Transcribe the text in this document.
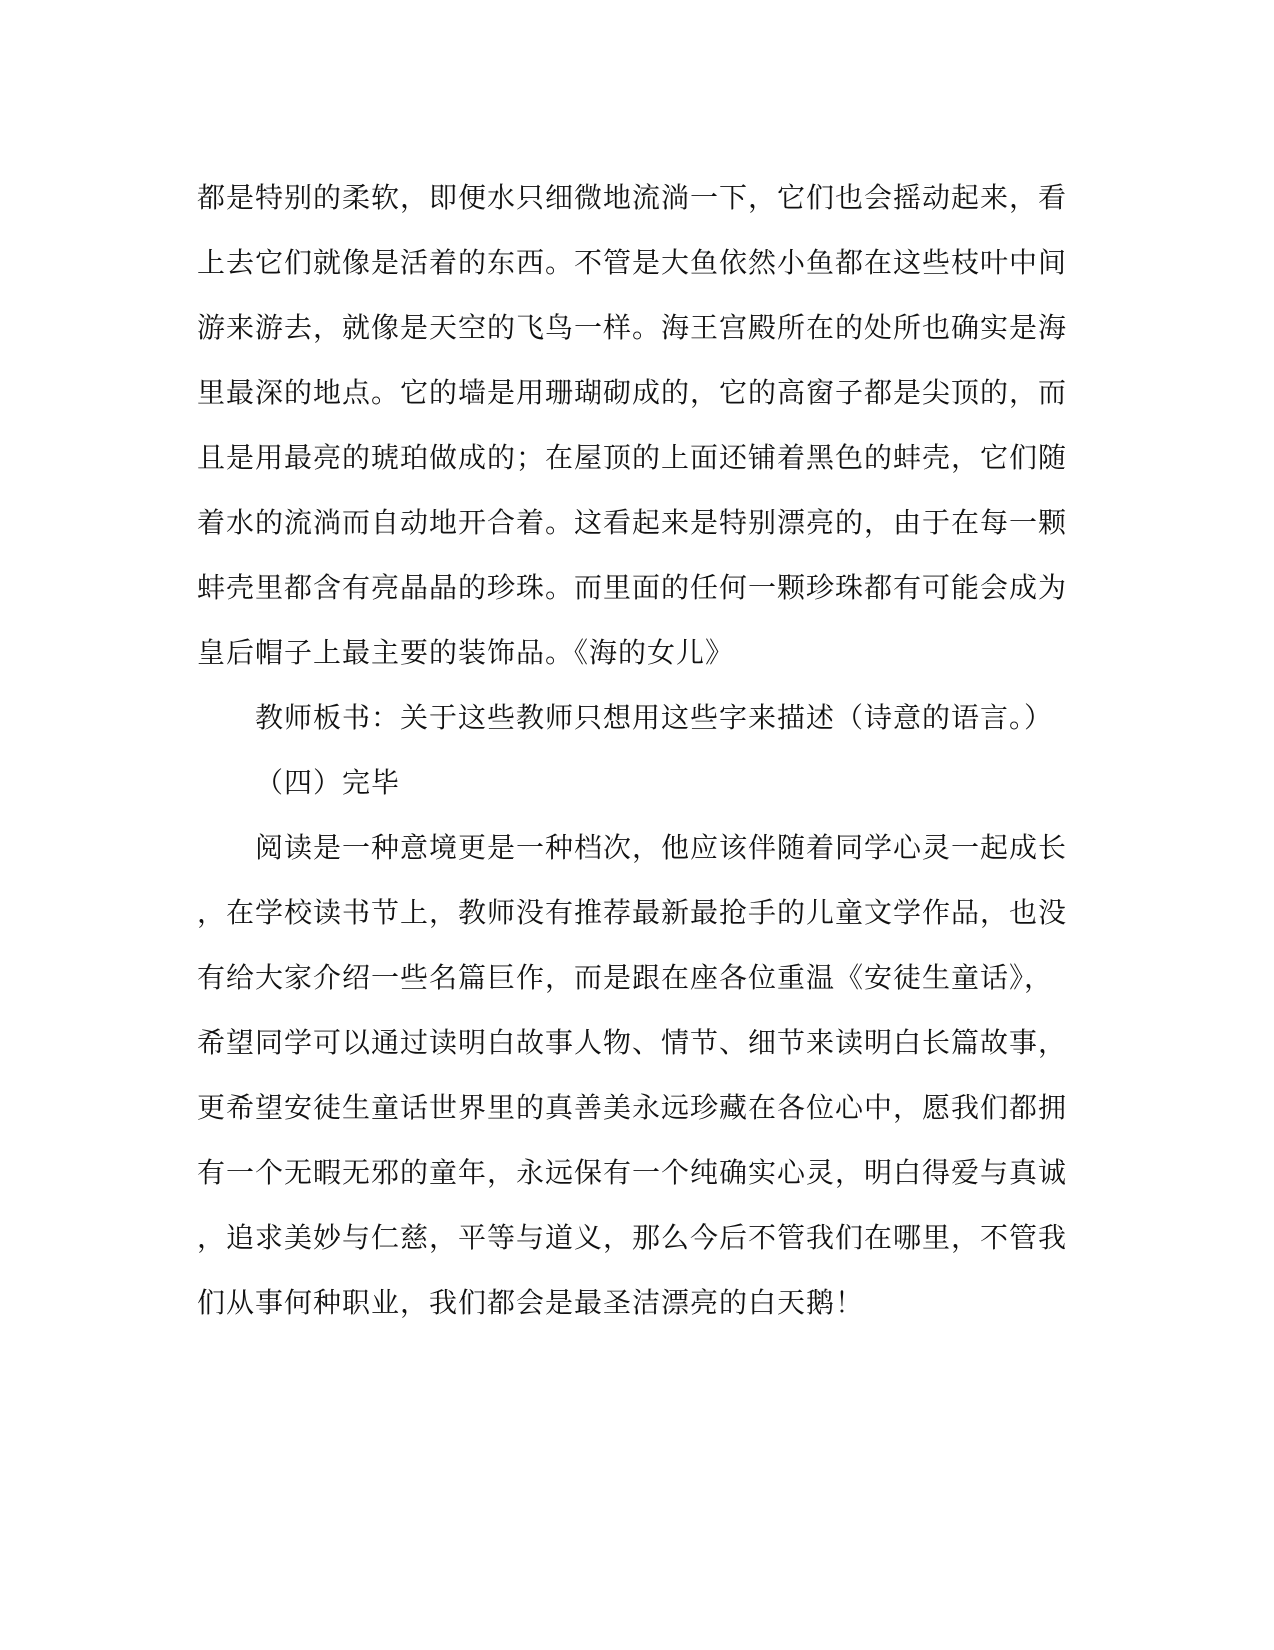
都是特别的柔软，即便水只细微地流淌一下，它们也会摇动起来，看
上去它们就像是活着的东西。不管是大鱼依然小鱼都在这些枝叶中间
游来游去，就像是天空的飞鸟一样。海王宫殿所在的处所也确实是海
里最深的地点。它的墙是用珊瑚砌成的，它的高窗子都是尖顶的，而
且是用最亮的琥珀做成的；在屋顶的上面还铺着黑色的蚌壳，它们随
着水的流淌而自动地开合着。这看起来是特别漂亮的，由于在每一颗
蚌壳里都含有亮晶晶的珍珠。而里面的任何一颗珍珠都有可能会成为
皇后帽子上最主要的装饰品。《海的女儿》
教师板书：关于这些教师只想用这些字来描述（诗意的语言。）
（四）完毕
阅读是一种意境更是一种档次，他应该伴随着同学心灵一起成长
，在学校读书节上，教师没有推荐最新最抢手的儿童文学作品，也没
有给大家介绍一些名篇巨作，而是跟在座各位重温《安徒生童话》，
希望同学可以通过读明白故事人物、情节、细节来读明白长篇故事，
更希望安徒生童话世界里的真善美永远珍藏在各位心中，愿我们都拥
有一个无暇无邪的童年，永远保有一个纯确实心灵，明白得爱与真诚
，追求美妙与仁慈，平等与道义，那么今后不管我们在哪里，不管我
们从事何种职业，我们都会是最圣洁漂亮的白天鹅！
